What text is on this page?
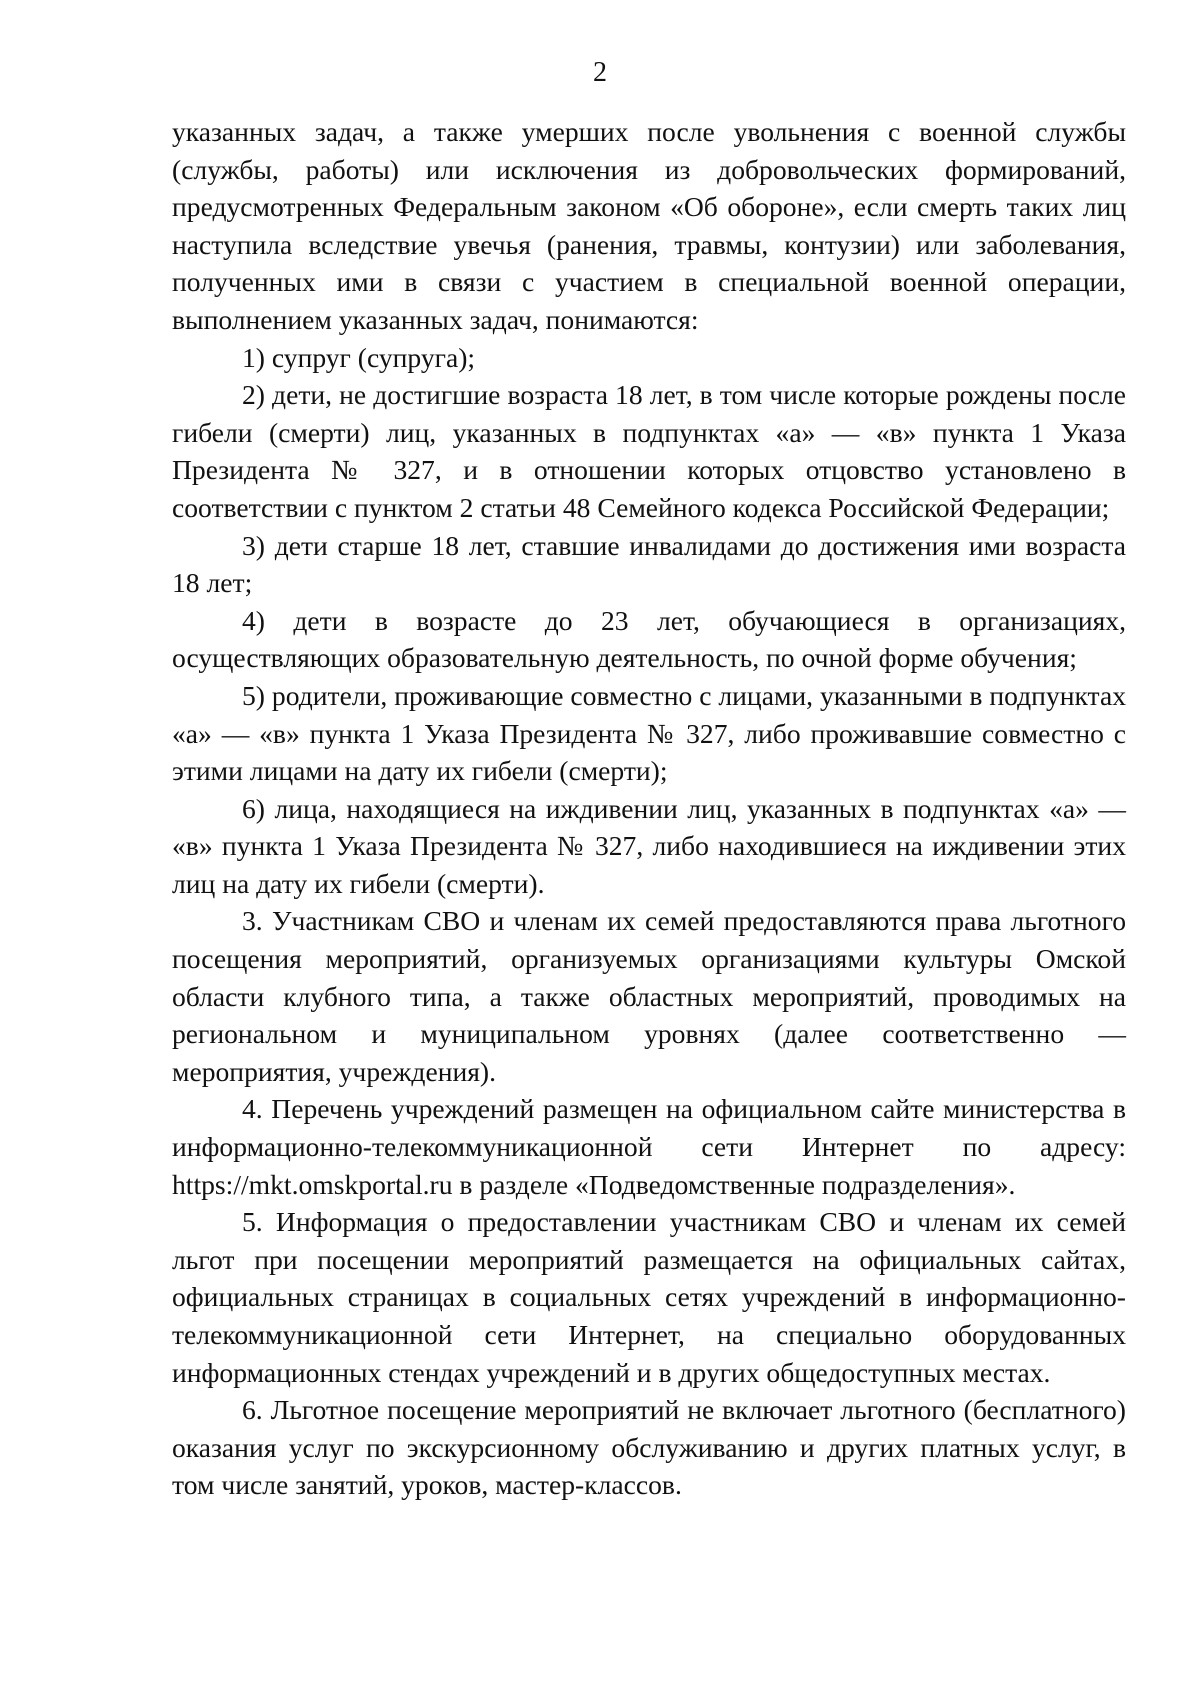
2

указанных задач, а также умерших после увольнения с военной службы (службы, работы) или исключения из добровольческих формирований, предусмотренных Федеральным законом «Об обороне», если смерть таких лиц наступила вследствие увечья (ранения, травмы, контузии) или заболевания, полученных ими в связи с участием в специальной военной операции, выполнением указанных задач, понимаются:

1) супруг (супруга);

2) дети, не достигшие возраста 18 лет, в том числе которые рождены после гибели (смерти) лиц, указанных в подпунктах «а» — «в» пункта 1 Указа Президента № 327, и в отношении которых отцовство установлено в соответствии с пунктом 2 статьи 48 Семейного кодекса Российской Федерации;

3) дети старше 18 лет, ставшие инвалидами до достижения ими возраста 18 лет;

4) дети в возрасте до 23 лет, обучающиеся в организациях, осуществляющих образовательную деятельность, по очной форме обучения;

5) родители, проживающие совместно с лицами, указанными в подпунктах «а» — «в» пункта 1 Указа Президента № 327, либо проживавшие совместно с этими лицами на дату их гибели (смерти);

6) лица, находящиеся на иждивении лиц, указанных в подпунктах «а» — «в» пункта 1 Указа Президента № 327, либо находившиеся на иждивении этих лиц на дату их гибели (смерти).

3. Участникам СВО и членам их семей предоставляются права льготного посещения мероприятий, организуемых организациями культуры Омской области клубного типа, а также областных мероприятий, проводимых на региональном и муниципальном уровнях (далее соответственно — мероприятия, учреждения).

4. Перечень учреждений размещен на официальном сайте министерства в информационно-телекоммуникационной сети Интернет по адресу: https://mkt.omskportal.ru в разделе «Подведомственные подразделения».

5. Информация о предоставлении участникам СВО и членам их семей льгот при посещении мероприятий размещается на официальных сайтах, официальных страницах в социальных сетях учреждений в информационно-телекоммуникационной сети Интернет, на специально оборудованных информационных стендах учреждений и в других общедоступных местах.

6. Льготное посещение мероприятий не включает льготного (бесплатного) оказания услуг по экскурсионному обслуживанию и других платных услуг, в том числе занятий, уроков, мастер-классов.
